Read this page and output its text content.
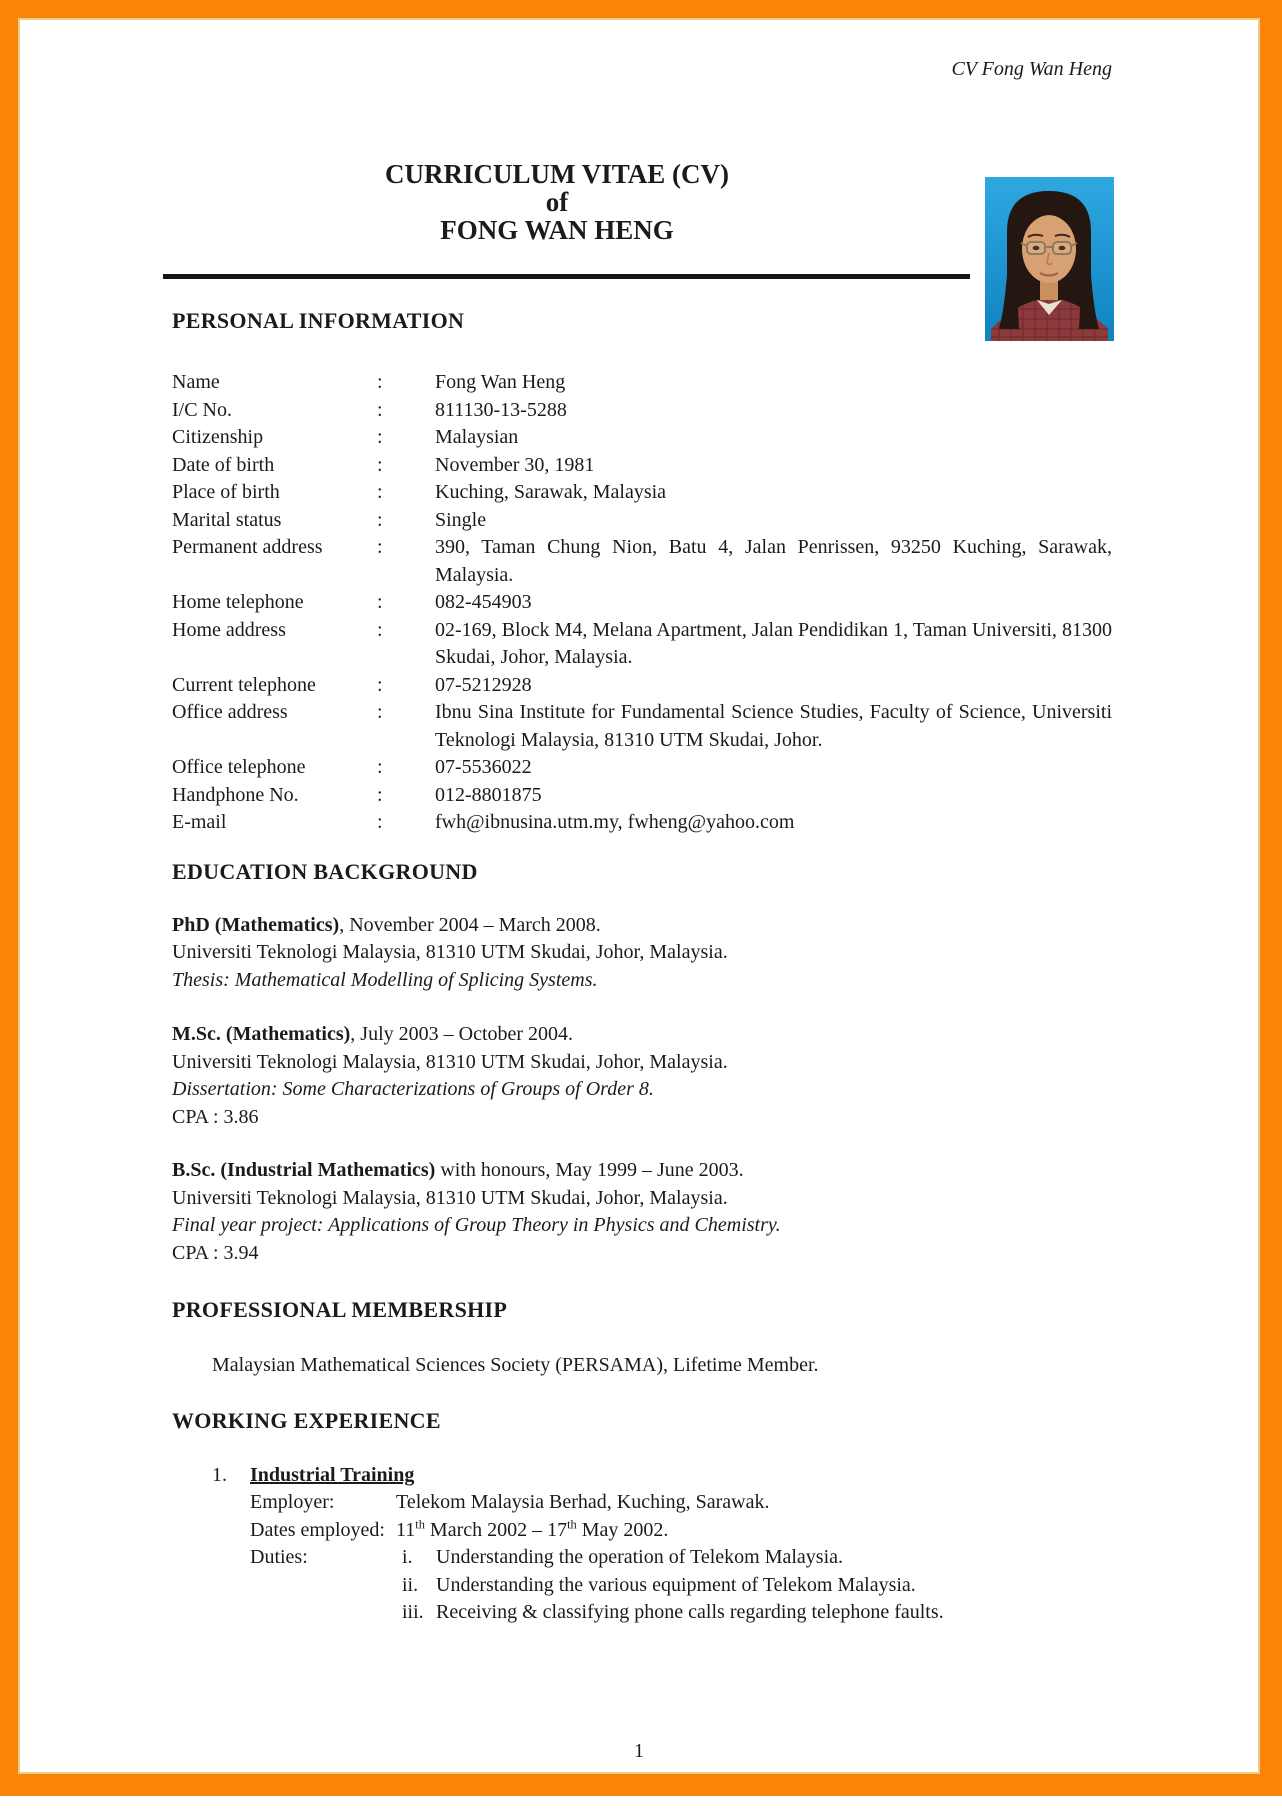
CV Fong Wan Heng
CURRICULUM VITAE (CV)
of
FONG WAN HENG
PERSONAL INFORMATION
Name	:	Fong Wan Heng
I/C No.	:	811130-13-5288
Citizenship	:	Malaysian
Date of birth	:	November 30, 1981
Place of birth	:	Kuching, Sarawak, Malaysia
Marital status	:	Single
Permanent address	:	390, Taman Chung Nion, Batu 4, Jalan Penrissen, 93250 Kuching, Sarawak, Malaysia.
Home telephone	:	082-454903
Home address	:	02-169, Block M4, Melana Apartment, Jalan Pendidikan 1, Taman Universiti, 81300 Skudai, Johor, Malaysia.
Current telephone	:	07-5212928
Office address	:	Ibnu Sina Institute for Fundamental Science Studies, Faculty of Science, Universiti Teknologi Malaysia, 81310 UTM Skudai, Johor.
Office telephone	:	07-5536022
Handphone No.	:	012-8801875
E-mail	:	fwh@ibnusina.utm.my, fwheng@yahoo.com
EDUCATION BACKGROUND
PhD (Mathematics), November 2004 – March 2008.
Universiti Teknologi Malaysia, 81310 UTM Skudai, Johor, Malaysia.
Thesis: Mathematical Modelling of Splicing Systems.
M.Sc. (Mathematics), July 2003 – October 2004.
Universiti Teknologi Malaysia, 81310 UTM Skudai, Johor, Malaysia.
Dissertation: Some Characterizations of Groups of Order 8.
CPA : 3.86
B.Sc. (Industrial Mathematics) with honours, May 1999 – June 2003.
Universiti Teknologi Malaysia, 81310 UTM Skudai, Johor, Malaysia.
Final year project: Applications of Group Theory in Physics and Chemistry.
CPA : 3.94
PROFESSIONAL MEMBERSHIP
Malaysian Mathematical Sciences Society (PERSAMA), Lifetime Member.
WORKING EXPERIENCE
1.	Industrial Training
Employer:	Telekom Malaysia Berhad, Kuching, Sarawak.
Dates employed: 11th March 2002 – 17th May 2002.
Duties:	i.	Understanding the operation of Telekom Malaysia.
ii. Understanding the various equipment of Telekom Malaysia.
iii. Receiving & classifying phone calls regarding telephone faults.
1
